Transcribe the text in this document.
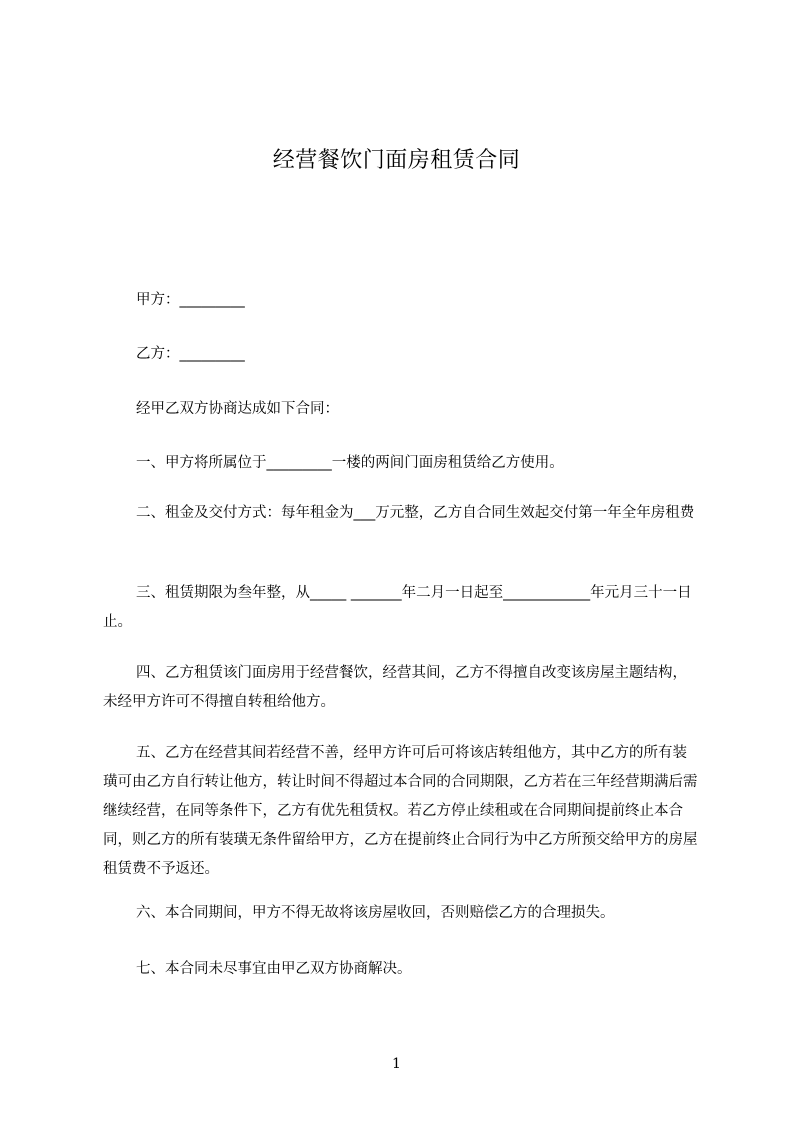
经营餐饮门面房租赁合同

甲方：_________

乙方：_________

经甲乙双方协商达成如下合同：

一、甲方将所属位于_________一楼的两间门面房租赁给乙方使用。

二、租金及交付方式：每年租金为___万元整，乙方自合同生效起交付第一年全年房租费

三、租赁期限为叁年整，从_____ _______年二月一日起至____________年元月三十一日止。

四、乙方租赁该门面房用于经营餐饮，经营其间，乙方不得擅自改变该房屋主题结构，未经甲方许可不得擅自转租给他方。

五、乙方在经营其间若经营不善，经甲方许可后可将该店转组他方，其中乙方的所有装璜可由乙方自行转让他方，转让时间不得超过本合同的合同期限，乙方若在三年经营期满后需继续经营，在同等条件下，乙方有优先租赁权。若乙方停止续租或在合同期间提前终止本合同，则乙方的所有装璜无条件留给甲方，乙方在提前终止合同行为中乙方所预交给甲方的房屋租赁费不予返还。

六、本合同期间，甲方不得无故将该房屋收回，否则赔偿乙方的合理损失。

七、本合同未尽事宜由甲乙双方协商解决。

1
